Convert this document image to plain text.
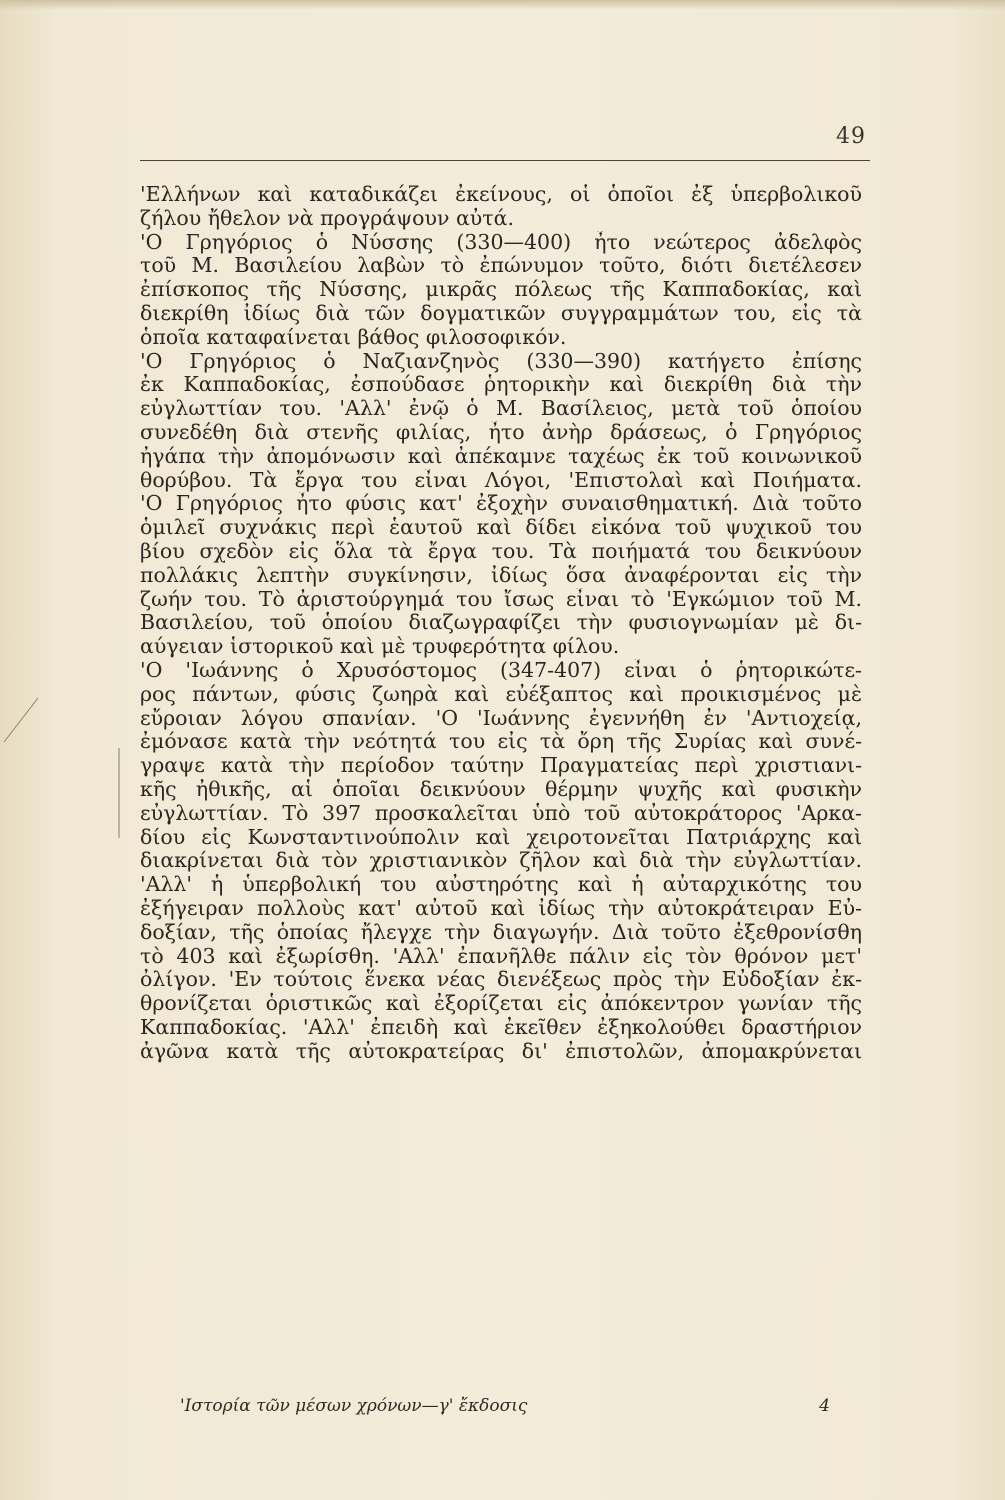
49
'Ελλήνων καὶ καταδικάζει ἐκείνους, οἱ ὁποῖοι ἐξ ὑπερβολικοῦ
ζήλου ἤθελον νὰ προγράψουν αὐτά.
'Ο Γρηγόριος ὁ Νύσσης (330—400) ἦτο νεώτερος ἀδελφὸς
τοῦ Μ. Βασιλείου λαβὼν τὸ ἐπώνυμον τοῦτο, διότι διετέλεσεν
ἐπίσκοπος τῆς Νύσσης, μικρᾶς πόλεως τῆς Καππαδοκίας, καὶ
διεκρίθη ἰδίως διὰ τῶν δογματικῶν συγγραμμάτων του, εἰς τὰ
ὁποῖα καταφαίνεται βάθος φιλοσοφικόν.
'Ο Γρηγόριος ὁ Ναζιανζηνὸς (330—390) κατήγετο ἐπίσης
ἐκ Καππαδοκίας, ἐσπούδασε ῥητορικὴν καὶ διεκρίθη διὰ τὴν
εὐγλωττίαν του. 'Αλλ' ἐνῷ ὁ Μ. Βασίλειος, μετὰ τοῦ ὁποίου
συνεδέθη διὰ στενῆς φιλίας, ἦτο ἀνὴρ δράσεως, ὁ Γρηγόριος
ἠγάπα τὴν ἀπομόνωσιν καὶ ἀπέκαμνε ταχέως ἐκ τοῦ κοινωνικοῦ
θορύβου. Τὰ ἔργα του εἶναι Λόγοι, 'Επιστολαὶ καὶ Ποιήματα.
'Ο Γρηγόριος ἦτο φύσις κατ' ἐξοχὴν συναισθηματική. Διὰ τοῦτο
ὁμιλεῖ συχνάκις περὶ ἑαυτοῦ καὶ δίδει εἰκόνα τοῦ ψυχικοῦ του
βίου σχεδὸν εἰς ὅλα τὰ ἔργα του. Τὰ ποιήματά του δεικνύουν
πολλάκις λεπτὴν συγκίνησιν, ἰδίως ὅσα ἀναφέρονται εἰς τὴν
ζωήν του. Τὸ ἀριστούργημά του ἴσως εἶναι τὸ 'Εγκώμιον τοῦ Μ.
Βασιλείου, τοῦ ὁποίου διαζωγραφίζει τὴν φυσιογνωμίαν μὲ δι-
αύγειαν ἱστορικοῦ καὶ μὲ τρυφερότητα φίλου.
'Ο 'Ιωάννης ὁ Χρυσόστομος (347-407) εἶναι ὁ ῥητορικώτε-
ρος πάντων, φύσις ζωηρὰ καὶ εὐέξαπτος καὶ προικισμένος μὲ
εὔροιαν λόγου σπανίαν. 'Ο 'Ιωάννης ἐγεννήθη ἐν 'Αντιοχείᾳ,
ἐμόνασε κατὰ τὴν νεότητά του εἰς τὰ ὄρη τῆς Συρίας καὶ συνέ-
γραψε κατὰ τὴν περίοδον ταύτην Πραγματείας περὶ χριστιανι-
κῆς ἠθικῆς, αἱ ὁποῖαι δεικνύουν θέρμην ψυχῆς καὶ φυσικὴν
εὐγλωττίαν. Τὸ 397 προσκαλεῖται ὑπὸ τοῦ αὐτοκράτορος 'Αρκα-
δίου εἰς Κωνσταντινούπολιν καὶ χειροτονεῖται Πατριάρχης καὶ
διακρίνεται διὰ τὸν χριστιανικὸν ζῆλον καὶ διὰ τὴν εὐγλωττίαν.
'Αλλ' ἡ ὑπερβολική του αὐστηρότης καὶ ἡ αὐταρχικότης του
ἐξήγειραν πολλοὺς κατ' αὐτοῦ καὶ ἰδίως τὴν αὐτοκράτειραν Εὐ-
δοξίαν, τῆς ὁποίας ἤλεγχε τὴν διαγωγήν. Διὰ τοῦτο ἐξεθρονίσθη
τὸ 403 καὶ ἐξωρίσθη. 'Αλλ' ἐπανῆλθε πάλιν εἰς τὸν θρόνον μετ'
ὀλίγον. 'Εν τούτοις ἕνεκα νέας διενέξεως πρὸς τὴν Εὐδοξίαν ἐκ-
θρονίζεται ὁριστικῶς καὶ ἐξορίζεται εἰς ἀπόκεντρον γωνίαν τῆς
Καππαδοκίας. 'Αλλ' ἐπειδὴ καὶ ἐκεῖθεν ἐξηκολούθει δραστήριον
ἀγῶνα κατὰ τῆς αὐτοκρατείρας δι' ἐπιστολῶν, ἀπομακρύνεται
'Ιστορία τῶν μέσων χρόνων—γ' ἔκδοσις	4
